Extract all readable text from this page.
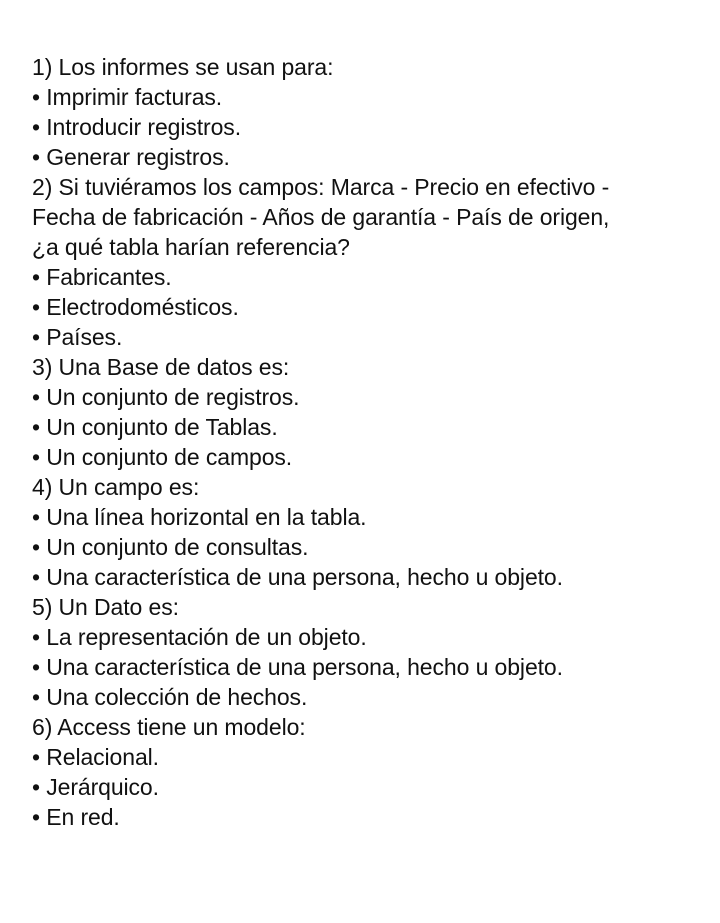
1) Los informes se usan para:
• Imprimir facturas.
• Introducir registros.
• Generar registros.
2) Si tuviéramos los campos: Marca - Precio en efectivo -
Fecha de fabricación - Años de garantía - País de origen,
¿a qué tabla harían referencia?
• Fabricantes.
• Electrodomésticos.
• Países.
3) Una Base de datos es:
• Un conjunto de registros.
• Un conjunto de Tablas.
• Un conjunto de campos.
4) Un campo es:
• Una línea horizontal en la tabla.
• Un conjunto de consultas.
• Una característica de una persona, hecho u objeto.
5) Un Dato es:
• La representación de un objeto.
• Una característica de una persona, hecho u objeto.
• Una colección de hechos.
6) Access tiene un modelo:
• Relacional.
• Jerárquico.
• En red.
